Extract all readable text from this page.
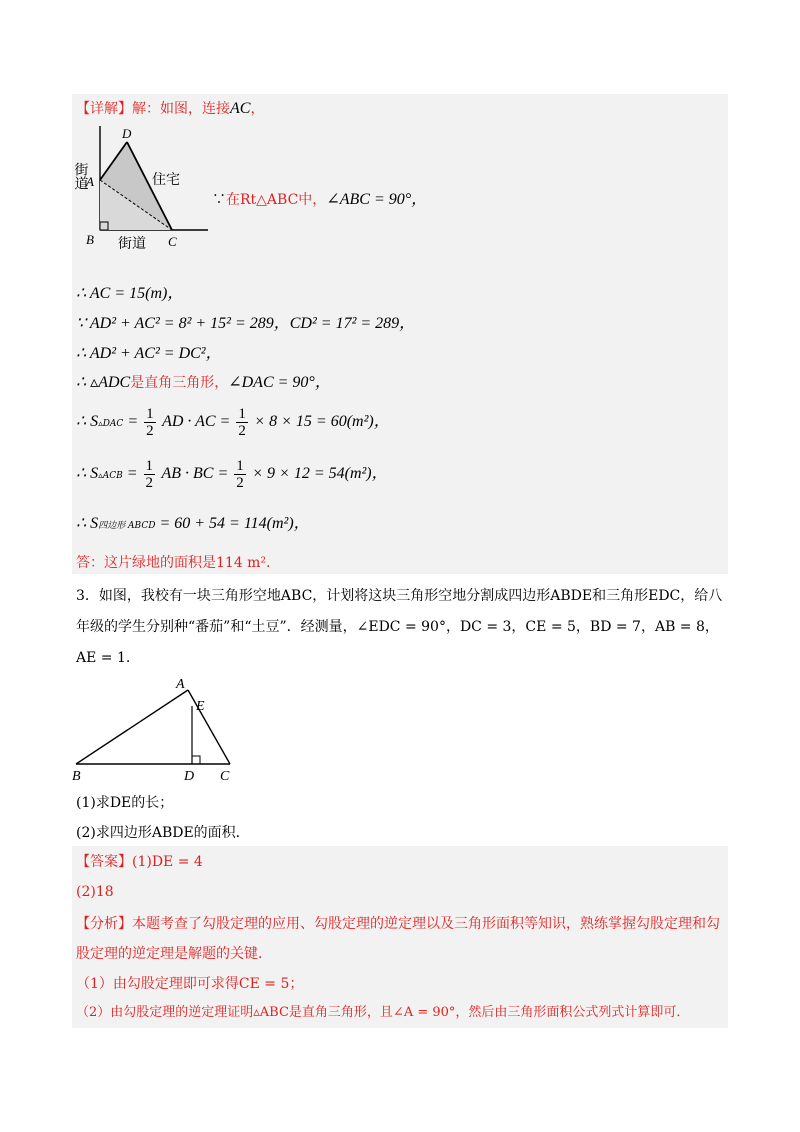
【详解】解：如图，连接AC，
D
A
B	C
街道
街道
住宅
∵在Rt△ABC中，∠ABC = 90°，
∴ AC = 15(m)，
∵ AD² + AC² = 8² + 15² = 289，CD² = 17² = 289，
∴ AD² + AC² = DC²，
∴ ▵ADC是直角三角形，∠DAC = 90°，
∴ S▵DAC = $\frac{1}{2}$ AD · AC = $\frac{1}{2} \times 8 \times 15 = 60(m^2)$，
∴ S▵ACB = $\frac{1}{2}$ AB · BC = $\frac{1}{2} \times 9 \times 12 = 54(m^2)$，
∴ S四边形 ABCD = 60 + 54 = 114(m²)，
答：这片绿地的面积是114 m².
3．如图，我校有一块三角形空地ABC，计划将这块三角形空地分割成四边形ABDE和三角形EDC，给八
年级的学生分别种“番茄”和“土豆”．经测量，∠EDC = 90°，DC = 3，CE = 5，BD = 7，AB = 8，
AE = 1.
A
E
B	D C
(1)求DE的长；
(2)求四边形ABDE的面积．
【答案】(1)DE = 4
(2)18
【分析】本题考查了勾股定理的应用、勾股定理的逆定理以及三角形面积等知识，熟练掌握勾股定理和勾
股定理的逆定理是解题的关键．
（1）由勾股定理即可求得CE = 5；
（2）由勾股定理的逆定理证明▵ABC是直角三角形，且∠A = 90°，然后由三角形面积公式列式计算即可．
